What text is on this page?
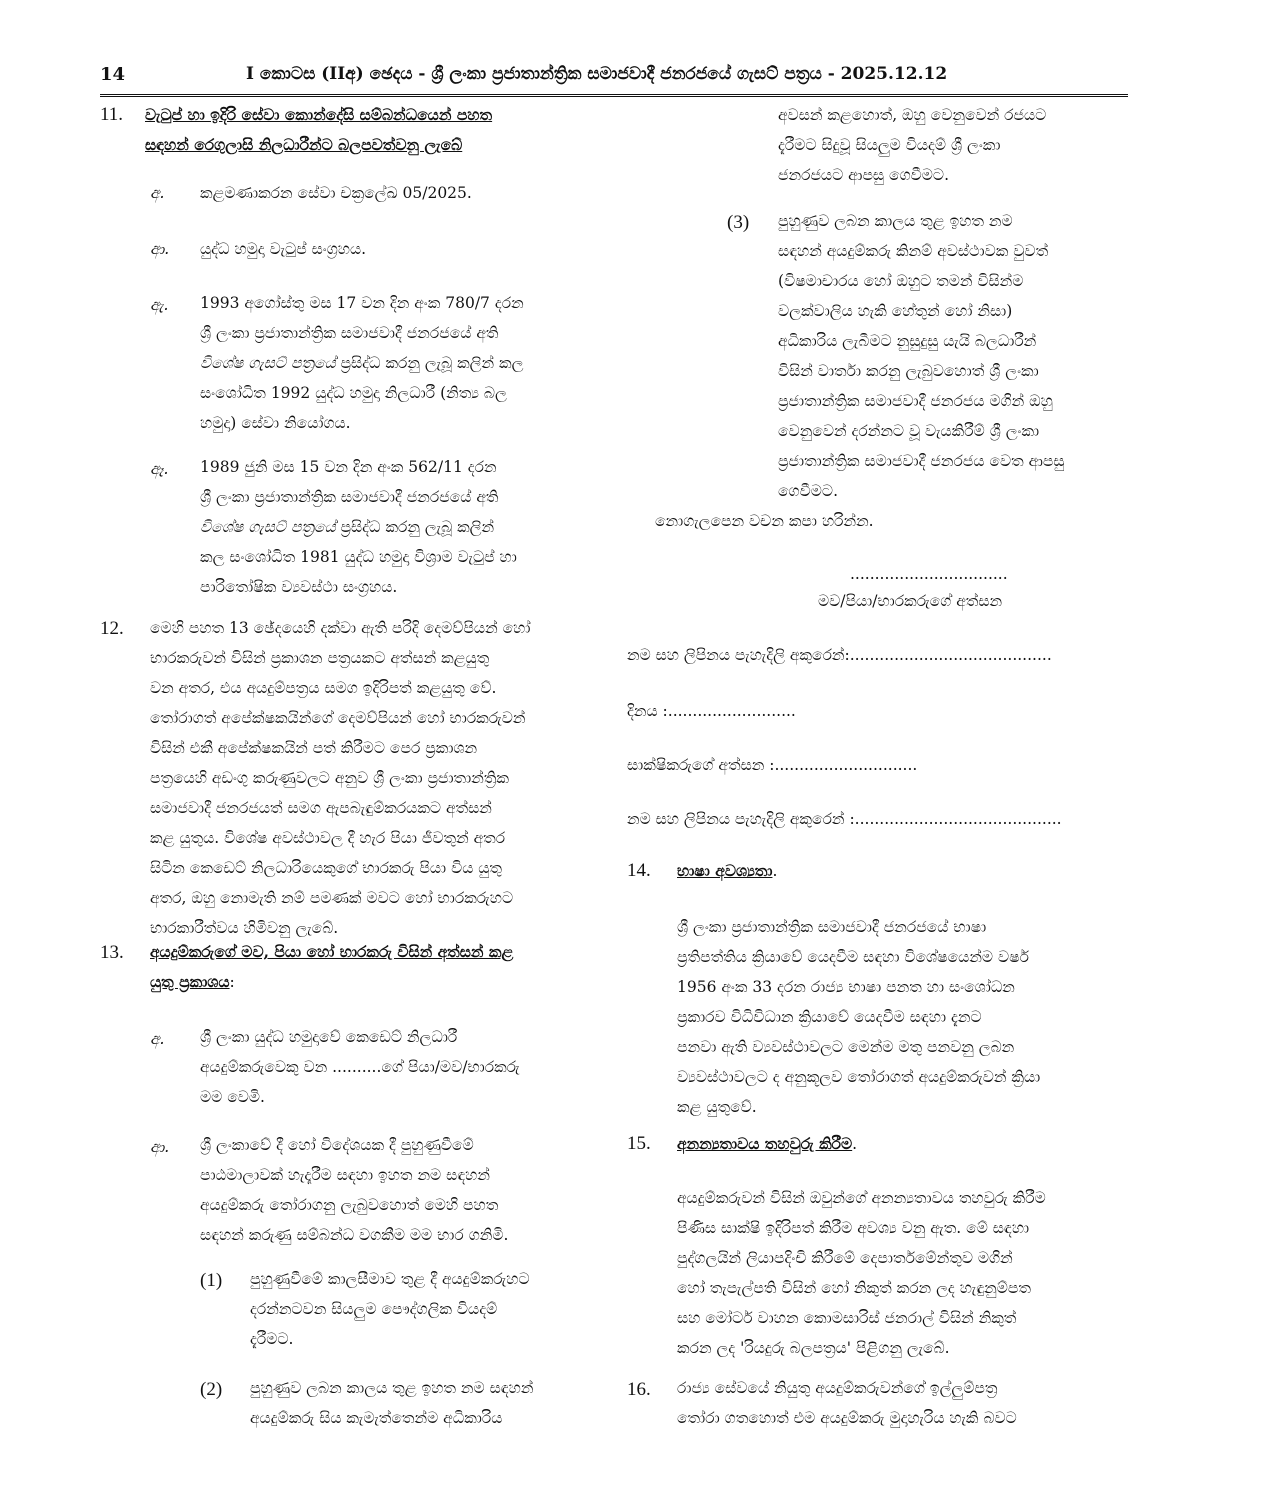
14	I කොටස (IIඅ) ඡෙදය - ශ්‍රී ලංකා ප්‍රජාතාන්ත්‍රික සමාජවාදී ජනරජයේ ගැසට් පත්‍රය - 2025.12.12
11. වැටුප් හා ඉදිරි සේවා කොන්දේසි සම්බන්ධයෙන් පහත
සඳහන් රෙගුලාසි නිලධාරීන්ට බලපවත්වනු ලැබේ
අ. කළමණාකරන සේවා චක්‍රලේඛ 05/2025.
ආ. යුද්ධ හමුදා වැටුප් සංග්‍රහය.
ඇ. 1993 අගෝස්තු මස 17 වන දින අංක 780/7 දරන
ශ්‍රී ලංකා ප්‍රජාතාන්ත්‍රික සමාජවාදී ජනරජයේ අති
විශේෂ ගැසට් පත්‍රයේ ප්‍රසිද්ධ කරනු ලැබූ කලින් කල
සංශෝධිත 1992 යුද්ධ හමුදා නිලධාරී (නිත්‍ය බල
හමුදා) සේවා නියෝගය.
ඈ. 1989 ජුනි මස 15 වන දින අංක 562/11 දරන
ශ්‍රී ලංකා ප්‍රජාතාන්ත්‍රික සමාජවාදී ජනරජයේ අති
විශේෂ ගැසට් පත්‍රයේ ප්‍රසිද්ධ කරනු ලැබූ කලින්
කල සංශෝධිත 1981 යුද්ධ හමුදා විශ්‍රාම වැටුප් හා
පාරිතෝෂික ව්‍යවස්ථා සංග්‍රහය.
12. මෙහි පහත 13 ඡේදයෙහි දක්වා ඇති පරිදි දෙමව්පියන් හෝ
භාරකරුවන් විසින් ප්‍රකාශන පත්‍රයකට අත්සන් කළයුතු
වන අතර, එය අයදුම්පත්‍රය සමග ඉදිරිපත් කළයුතු වේ.
තෝරාගත් අපේක්ෂකයින්ගේ දෙමව්පියන් හෝ භාරකරුවන්
විසින් එකී අපේක්ෂකයින් පත් කිරීමට පෙර ප්‍රකාශන
පත්‍රයෙහි අඩංගු කරුණුවලට අනුව ශ්‍රී ලංකා ප්‍රජාතාන්ත්‍රික
සමාජවාදී ජනරජයත් සමග ඇපබැඳුම්කරයකට අත්සන්
කළ යුතුය. විශේෂ අවස්ථාවල දී හැර පියා ජීවතුන් අතර
සිටින කෙඩෙට් නිලධාරියෙකුගේ භාරකරු පියා විය යුතු
අතර, ඔහු නොමැති නම් පමණක් මවට හෝ භාරකරුහට
භාරකාරීත්වය හිමිවනු ලැබේ.
13. අයදුම්කරුගේ මව, පියා හෝ භාරකරු විසින් අත්සන් කළ
යුතු ප්‍රකාශය:
අ. ශ්‍රී ලංකා යුද්ධ හමුදාවේ කෙඩෙට් නිලධාරී
අයදුම්කරුවෙකු වන ..........ගේ පියා/මව/භාරකරු
මම වෙමි.
ආ. ශ්‍රී ලංකාවේ දී හෝ විදේශයක දී පුහුණුවීමේ
පාඨමාලාවක් හැදෑරීම සඳහා ඉහත නම සඳහන්
අයදුම්කරු තෝරාගනු ලැබුවහොත් මෙහි පහත
සඳහන් කරුණු සම්බන්ධ වගකීම මම භාර ගනිමි.
(1) පුහුණුවීමේ කාලසීමාව තුළ දී අයදුම්කරුහට
දරන්නටවන සියලුම පෞද්ගලික වියදම්
දැරීමට.
(2) පුහුණුව ලබන කාලය තුළ ඉහත නම සඳහන්
අයදුම්කරු සිය කැමැත්තෙන්ම අධිකාරිය
අවසන් කළහොත්, ඔහු වෙනුවෙන් රජයට
දැරීමට සිදුවූ සියලුම වියදම් ශ්‍රී ලංකා
ජනරජයට ආපසු ගෙවීමට.
(3) පුහුණුව ලබන කාලය තුළ ඉහත නම
සඳහන් අයදුම්කරු කිනම් අවස්ථාවක වුවත්
(විෂමාචාරය හෝ ඔහුට තමන් විසින්ම
වලක්වාලිය හැකි හේතුන් හෝ නිසා)
අධිකාරිය ලැබීමට නුසුදුසු යැයි බලධාරීන්
විසින් වාර්තා කරනු ලැබුවහොත් ශ්‍රී ලංකා
ප්‍රජාතාන්ත්‍රික සමාජවාදී ජනරජය මගින් ඔහු
වෙනුවෙන් දරන්නට වූ වැයකිරීම් ශ්‍රී ලංකා
ප්‍රජාතාන්ත්‍රික සමාජවාදී ජනරජය වෙත ආපසු
ගෙවීමට.
නොගැලපෙන වචන කපා හරින්න.
................................
මව/පියා/භාරකරුගේ අත්සන
නම සහ ලිපිනය පැහැදිලි අකුරෙන්:.........................................
දිනය :..........................
සාක්ෂිකරුගේ අත්සන :.............................
නම සහ ලිපිනය පැහැදිලි අකුරෙන් :..........................................
14. භාෂා අවශ්‍යතා.
ශ්‍රී ලංකා ප්‍රජාතාන්ත්‍රික සමාජවාදී ජනරජයේ භාෂා
ප්‍රතිපත්තිය ක්‍රියාවේ යෙදවීම සඳහා විශේෂයෙන්ම වර්ෂ
1956 අංක 33 දරන රාජ්‍ය භාෂා පනත හා සංශෝධන
ප්‍රකාරව විධිවිධාන ක්‍රියාවේ යෙදවීම සඳහා දැනට
පනවා ඇති ව්‍යවස්ථාවලට මෙන්ම මතු පනවනු ලබන
ව්‍යවස්ථාවලට ද අනුකූලව තෝරාගත් අයදුම්කරුවන් ක්‍රියා
කළ යුතුවේ.
15. අනන්‍යතාවය තහවුරු කිරීම.
අයදුම්කරුවන් විසින් ඔවුන්ගේ අනන්‍යතාවය තහවුරු කිරීම
පිණිස සාක්ෂි ඉදිරිපත් කිරීම අවශ්‍ය වනු ඇත. මේ සඳහා
පුද්ගලයින් ලියාපදිංචි කිරීමේ දෙපාර්තමේන්තුව මගින්
හෝ තැපැල්පති විසින් හෝ නිකුත් කරන ලද හැඳුනුම්පත
සහ මෝටර් වාහන කොමසාරිස් ජනරාල් විසින් නිකුත්
කරන ලද 'රියදුරු බලපත්‍රය' පිළිගනු ලැබේ.
16. රාජ්‍ය සේවයේ නියුතු අයදුම්කරුවන්ගේ ඉල්ලුම්පත්‍ර
තෝරා ගතහොත් එම අයදුම්කරු මුදාහැරිය හැකි බවට
